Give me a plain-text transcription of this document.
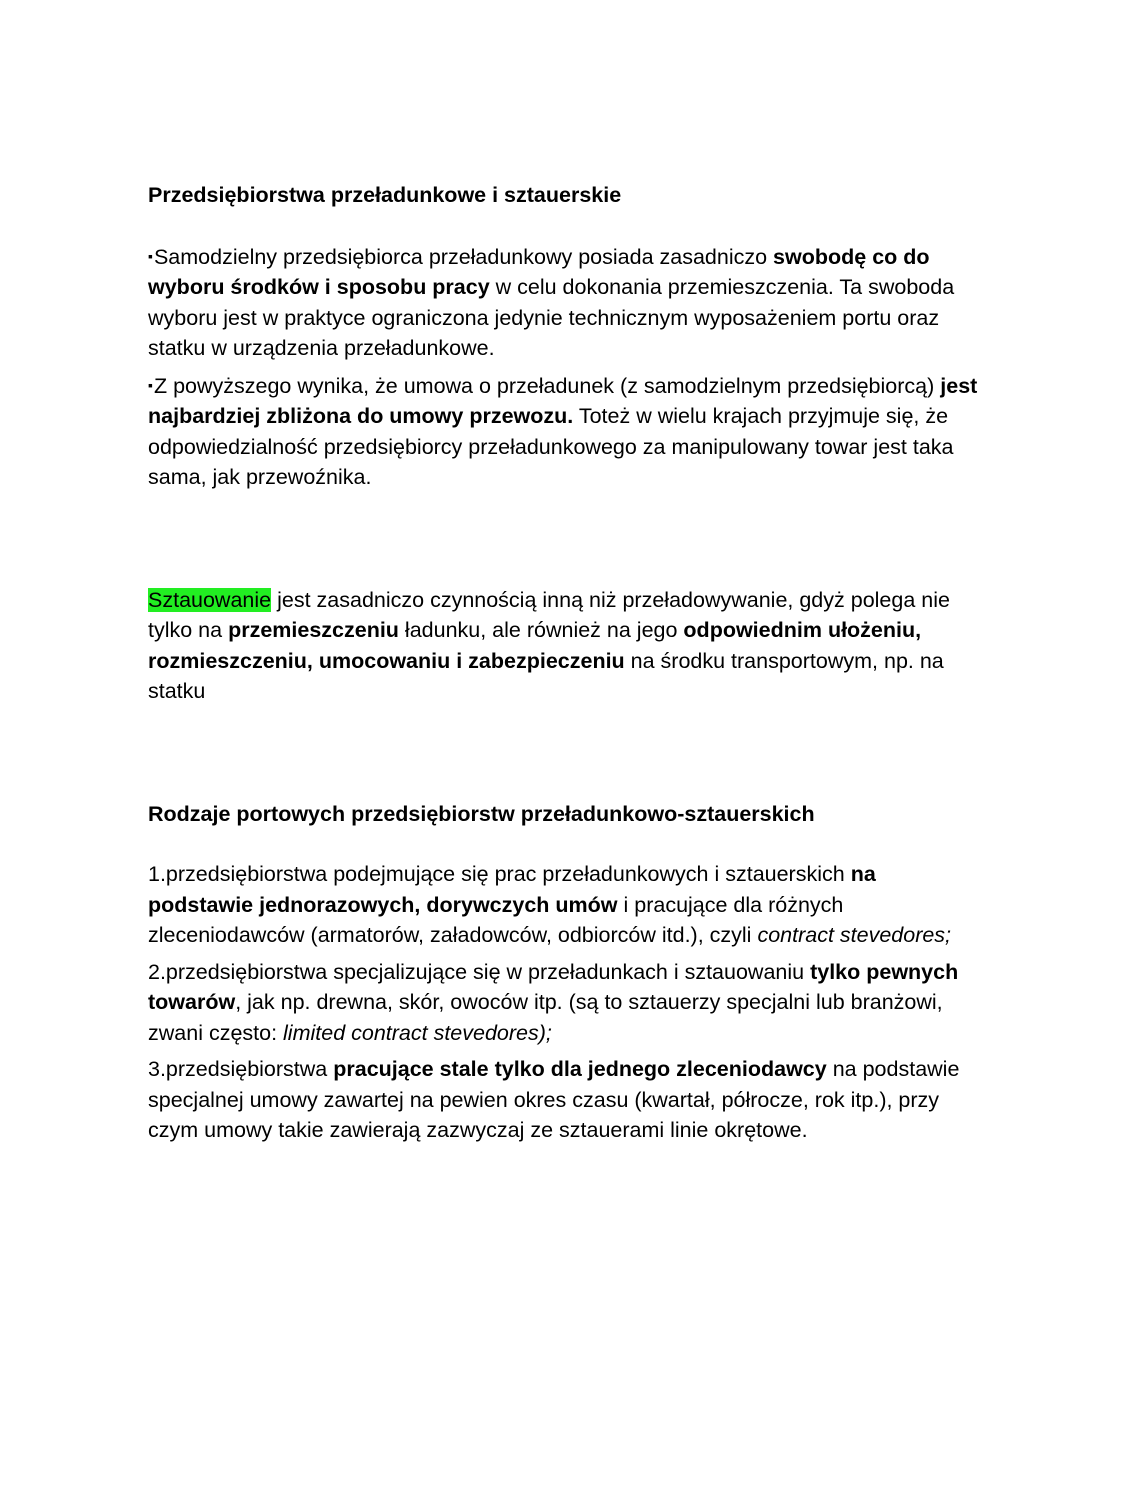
Przedsiębiorstwa przeładunkowe i sztauerskie

▪ Samodzielny przedsiębiorca przeładunkowy posiada zasadniczo swobodę co do wyboru środków i sposobu pracy w celu dokonania przemieszczenia. Ta swoboda wyboru jest w praktyce ograniczona jedynie technicznym wyposażeniem portu oraz statku w urządzenia przeładunkowe.

▪ Z powyższego wynika, że umowa o przeładunek (z samodzielnym przedsiębiorcą) jest najbardziej zbliżona do umowy przewozu. Toteż w wielu krajach przyjmuje się, że odpowiedzialność przedsiębiorcy przeładunkowego za manipulowany towar jest taka sama, jak przewoźnika.

Sztauowanie jest zasadniczo czynnością inną niż przeładowywanie, gdyż polega nie tylko na przemieszczeniu ładunku, ale również na jego odpowiednim ułożeniu, rozmieszczeniu, umocowaniu i zabezpieczeniu na środku transportowym, np. na statku

Rodzaje portowych przedsiębiorstw przeładunkowo-sztauerskich

1.przedsiębiorstwa podejmujące się prac przeładunkowych i sztauerskich na podstawie jednorazowych, dorywczych umów i pracujące dla różnych zleceniodawców (armatorów, załadowców, odbiorców itd.), czyli contract stevedores;

2.przedsiębiorstwa specjalizujące się w przeładunkach i sztauowaniu tylko pewnych towarów, jak np. drewna, skór, owoców itp. (są to sztauerzy specjalni lub branżowi, zwani często: limited contract stevedores);

3.przedsiębiorstwa pracujące stale tylko dla jednego zleceniodawcy na podstawie specjalnej umowy zawartej na pewien okres czasu (kwartał, półrocze, rok itp.), przy czym umowy takie zawierają zazwyczaj ze sztauerami linie okrętowe.
